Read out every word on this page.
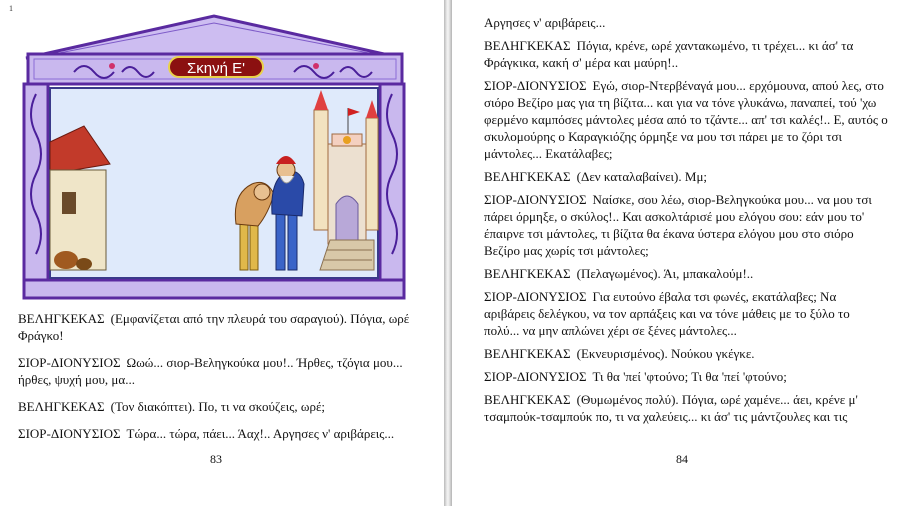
1
Σκηνή Ε'

ΒΕΛΗΓΚΕΚΑΣ (Εμφανίζεται από την πλευρά του σαραγιού). Πόγια, ωρέ Φράγκο!

ΣΙΟΡ-ΔΙΟΝΥΣΙΟΣ Ωωώ... σιορ-Βεληγκούκα μου!.. Ήρθες, τζόγια μου... ήρθες, ψυχή μου, μα...

ΒΕΛΗΓΚΕΚΑΣ (Τον διακόπτει). Πο, τι να σκούζεις, ωρέ;

ΣΙΟΡ-ΔΙΟΝΥΣΙΟΣ Τώρα... τώρα, πάει... Άαχ!.. Αργησες ν' αριβάρεις...

83

Αργησες ν' αριβάρεις...

ΒΕΛΗΓΚΕΚΑΣ Πόγια, κρένε, ωρέ χαντακωμένο, τι τρέχει... κι άσ' τα Φράγκικα, κακή σ' μέρα και μαύρη!..

ΣΙΟΡ-ΔΙΟΝΥΣΙΟΣ Εγώ, σιορ-Ντερβέναγά μου... ερχόμουνα, απού λες, στο σιόρο Βεζίρο μας για τη βίζιτα... και για να τόνε γλυκάνω, παναπεί, τού 'χω φερμένο καμπόσες μάντολες μέσα από το τζάντε... απ' τσι καλές!.. Ε, αυτός ο σκυλομούρης ο Καραγκιόζης όρμηξε να μου τσι πάρει με το ζόρι τσι μάντολες... Εκατάλαβες;

ΒΕΛΗΓΚΕΚΑΣ (Δεν καταλαβαίνει). Μμ;

ΣΙΟΡ-ΔΙΟΝΥΣΙΟΣ Ναίσκε, σου λέω, σιορ-Βεληγκούκα μου... να μου τσι πάρει όρμηξε, ο σκύλος!.. Και ασκολτάρισέ μου ελόγου σου: εάν μου το' έπαιρνε τσι μάντολες, τι βίζιτα θα έκανα ύστερα ελόγου μου στο σιόρο Βεζίρο μας χωρίς τσι μάντολες;

ΒΕΛΗΓΚΕΚΑΣ (Πελαγωμένος). Άι, μπακαλούμ!..

ΣΙΟΡ-ΔΙΟΝΥΣΙΟΣ Για ευτούνο έβαλα τσι φωνές, εκατάλαβες; Να αριβάρεις δελέγκου, να τον αρπάξεις και να τόνε μάθεις με το ξύλο το πολύ... να μην απλώνει χέρι σε ξένες μάντολες...

ΒΕΛΗΓΚΕΚΑΣ (Εκνευρισμένος). Νούκου γκέγκε.

ΣΙΟΡ-ΔΙΟΝΥΣΙΟΣ Τι θα 'πεί 'φτούνο; Τι θα 'πεί 'φτούνο;

ΒΕΛΗΓΚΕΚΑΣ (Θυμωμένος πολύ). Πόγια, ωρέ χαμένε... άει, κρένε μ' τσαμπούκ-τσαμπούκ πο, τι να χαλεύεις... κι άσ' τις μάντζουλες και τις

84
